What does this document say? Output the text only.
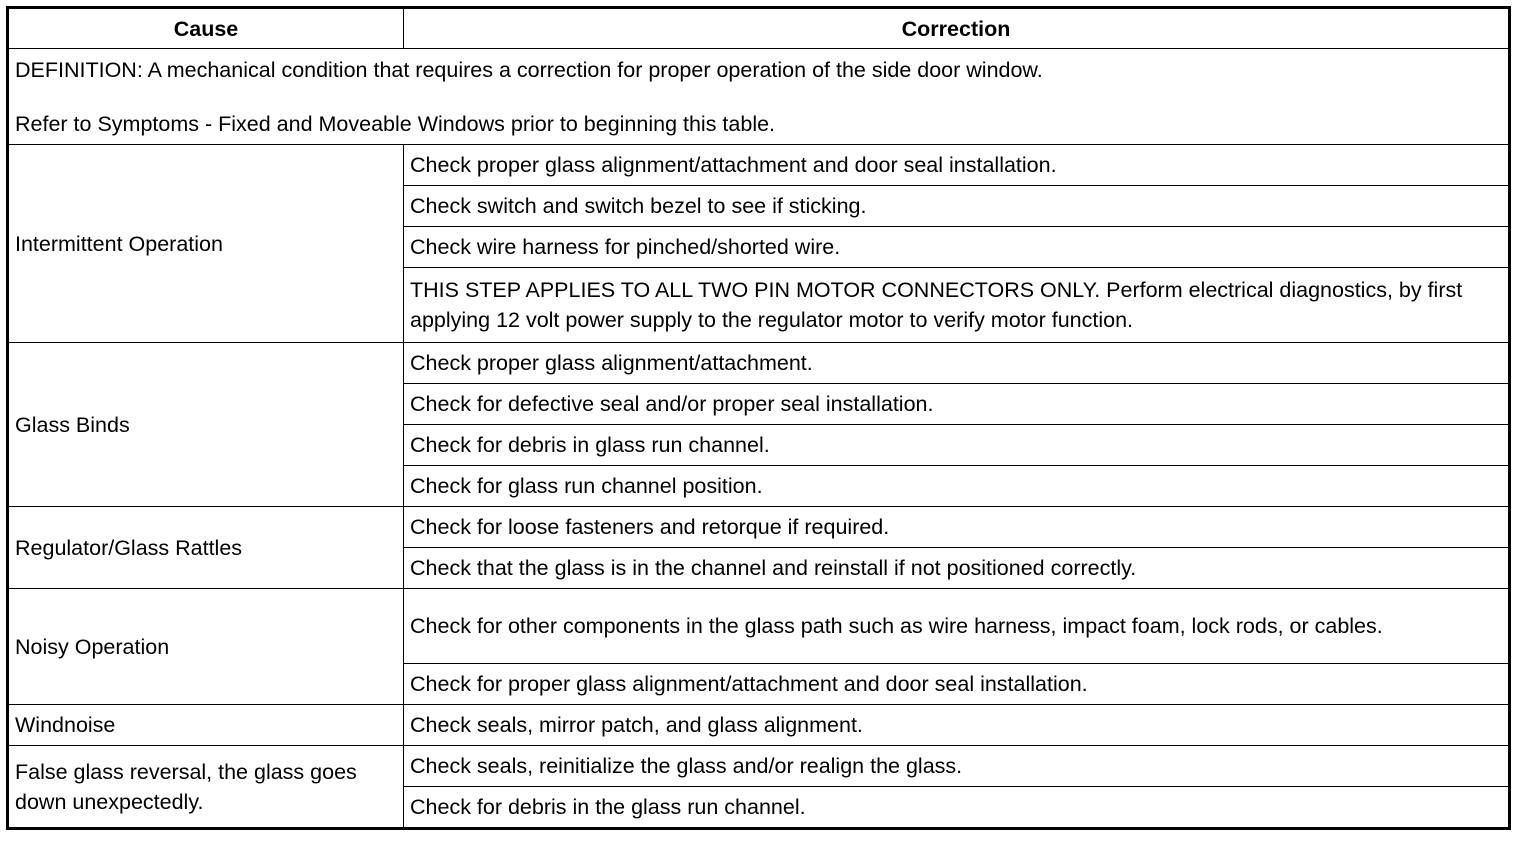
Cause	Correction

DEFINITION: A mechanical condition that requires a correction for proper operation of the side door window.
Refer to Symptoms - Fixed and Moveable Windows prior to beginning this table.	

Intermittent Operation	Check proper glass alignment/attachment and door seal installation.
	Check switch and switch bezel to see if sticking.
	Check wire harness for pinched/shorted wire.
	THIS STEP APPLIES TO ALL TWO PIN MOTOR CONNECTORS ONLY. Perform electrical diagnostics, by first applying 12 volt power supply to the regulator motor to verify motor function.
Glass Binds	Check proper glass alignment/attachment.
	Check for defective seal and/or proper seal installation.
	Check for debris in glass run channel.
	Check for glass run channel position.
Regulator/Glass Rattles	Check for loose fasteners and retorque if required.
	Check that the glass is in the channel and reinstall if not positioned correctly.
Noisy Operation	Check for other components in the glass path such as wire harness, impact foam, lock rods, or cables.
	Check for proper glass alignment/attachment and door seal installation.
Windnoise	Check seals, mirror patch, and glass alignment.
False glass reversal, the glass goes down unexpectedly.	Check seals, reinitialize the glass and/or realign the glass.
	Check for debris in the glass run channel.
